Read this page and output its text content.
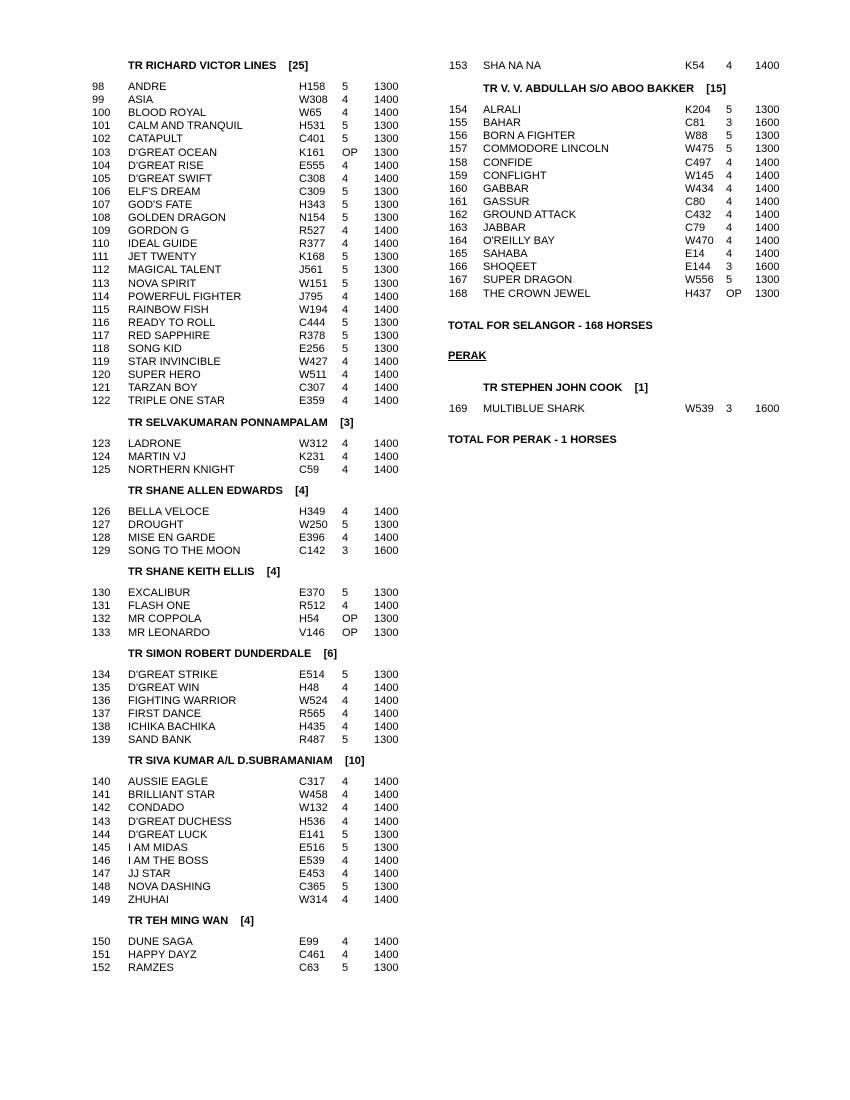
TR RICHARD VICTOR LINES [25]
98 ANDRE	H158 5 1300
99 ASIA	W308 4 1400
100 BLOOD ROYAL	W65 4 1400
101 CALM AND TRANQUIL	H531 5 1300
102 CATAPULT	C401 5 1300
103 D'GREAT OCEAN	K161 OP 1300
104 D'GREAT RISE	E555 4 1400
105 D'GREAT SWIFT	C308 4 1400
106 ELF'S DREAM	C309 5 1300
107 GOD'S FATE	H343 5 1300
108 GOLDEN DRAGON	N154 5 1300
109 GORDON G	R527 4 1400
110 IDEAL GUIDE	R377 4 1400
111 JET TWENTY	K168 5 1300
112 MAGICAL TALENT	J561 5 1300
113 NOVA SPIRIT	W151 5 1300
114 POWERFUL FIGHTER	J795 4 1400
115 RAINBOW FISH	W194 4 1400
116 READY TO ROLL	C444 5 1300
117 RED SAPPHIRE	R378 5 1300
118 SONG KID	E256 5 1300
119 STAR INVINCIBLE	W427 4 1400
120 SUPER HERO	W511 4 1400
121 TARZAN BOY	C307 4 1400
122 TRIPLE ONE STAR	E359 4 1400
TR SELVAKUMARAN PONNAMPALAM [3]
123 LADRONE	W312 4 1400
124 MARTIN VJ	K231 4 1400
125 NORTHERN KNIGHT	C59 4 1400
TR SHANE ALLEN EDWARDS [4]
126 BELLA VELOCE	H349 4 1400
127 DROUGHT	W250 5 1300
128 MISE EN GARDE	E396 4 1400
129 SONG TO THE MOON	C142 3 1600
TR SHANE KEITH ELLIS [4]
130 EXCALIBUR	E370 5 1300
131 FLASH ONE	R512 4 1400
132 MR COPPOLA	H54 OP 1300
133 MR LEONARDO	V146 OP 1300
TR SIMON ROBERT DUNDERDALE [6]
134 D'GREAT STRIKE	E514 5 1300
135 D'GREAT WIN	H48 4 1400
136 FIGHTING WARRIOR	W524 4 1400
137 FIRST DANCE	R565 4 1400
138 ICHIKA BACHIKA	H435 4 1400
139 SAND BANK	R487 5 1300
TR SIVA KUMAR A/L D.SUBRAMANIAM [10]
140 AUSSIE EAGLE	C317 4 1400
141 BRILLIANT STAR	W458 4 1400
142 CONDADO	W132 4 1400
143 D'GREAT DUCHESS	H536 4 1400
144 D'GREAT LUCK	E141 5 1300
145 I AM MIDAS	E516 5 1300
146 I AM THE BOSS	E539 4 1400
147 JJ STAR	E453 4 1400
148 NOVA DASHING	C365 5 1300
149 ZHUHAI	W314 4 1400
TR TEH MING WAN [4]
150 DUNE SAGA	E99 4 1400
151 HAPPY DAYZ	C461 4 1400
152 RAMZES	C63 5 1300
153 SHA NA NA	K54 4 1400
TR V. V. ABDULLAH S/O ABOO BAKKER [15]
154 ALRALI	K204 5 1300
155 BAHAR	C81 3 1600
156 BORN A FIGHTER	W88 5 1300
157 COMMODORE LINCOLN	W475 5 1300
158 CONFIDE	C497 4 1400
159 CONFLIGHT	W145 4 1400
160 GABBAR	W434 4 1400
161 GASSUR	C80 4 1400
162 GROUND ATTACK	C432 4 1400
163 JABBAR	C79 4 1400
164 O'REILLY BAY	W470 4 1400
165 SAHABA	E14 4 1400
166 SHOQEET	E144 3 1600
167 SUPER DRAGON	W556 5 1300
168 THE CROWN JEWEL	H437 OP 1300
TOTAL FOR SELANGOR - 168 HORSES
PERAK
TR STEPHEN JOHN COOK [1]
169 MULTIBLUE SHARK	W539 3 1600
TOTAL FOR PERAK - 1 HORSES
